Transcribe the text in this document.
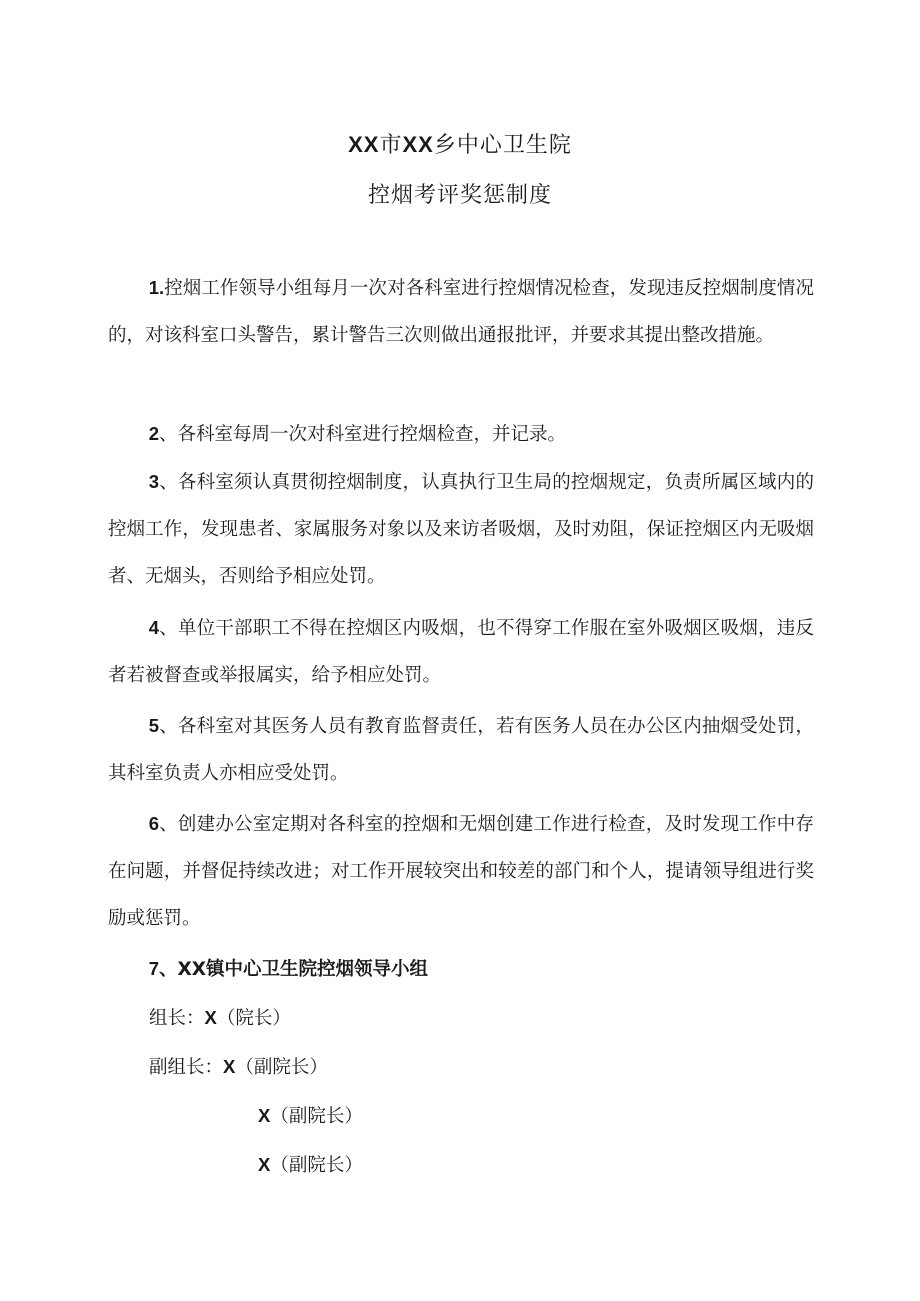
XX市XX乡中心卫生院
控烟考评奖惩制度

1.控烟工作领导小组每月一次对各科室进行控烟情况检查，发现违反控烟制度情况的，对该科室口头警告，累计警告三次则做出通报批评，并要求其提出整改措施。

2、各科室每周一次对科室进行控烟检查，并记录。

3、各科室须认真贯彻控烟制度，认真执行卫生局的控烟规定，负责所属区域内的控烟工作，发现患者、家属服务对象以及来访者吸烟，及时劝阻，保证控烟区内无吸烟者、无烟头，否则给予相应处罚。

4、单位干部职工不得在控烟区内吸烟，也不得穿工作服在室外吸烟区吸烟，违反者若被督查或举报属实，给予相应处罚。

5、各科室对其医务人员有教育监督责任，若有医务人员在办公区内抽烟受处罚，其科室负责人亦相应受处罚。

6、创建办公室定期对各科室的控烟和无烟创建工作进行检查，及时发现工作中存在问题，并督促持续改进；对工作开展较突出和较差的部门和个人，提请领导组进行奖励或惩罚。

7、XX镇中心卫生院控烟领导小组

组长：X（院长）
副组长：X（副院长）
X（副院长）
X（副院长）
